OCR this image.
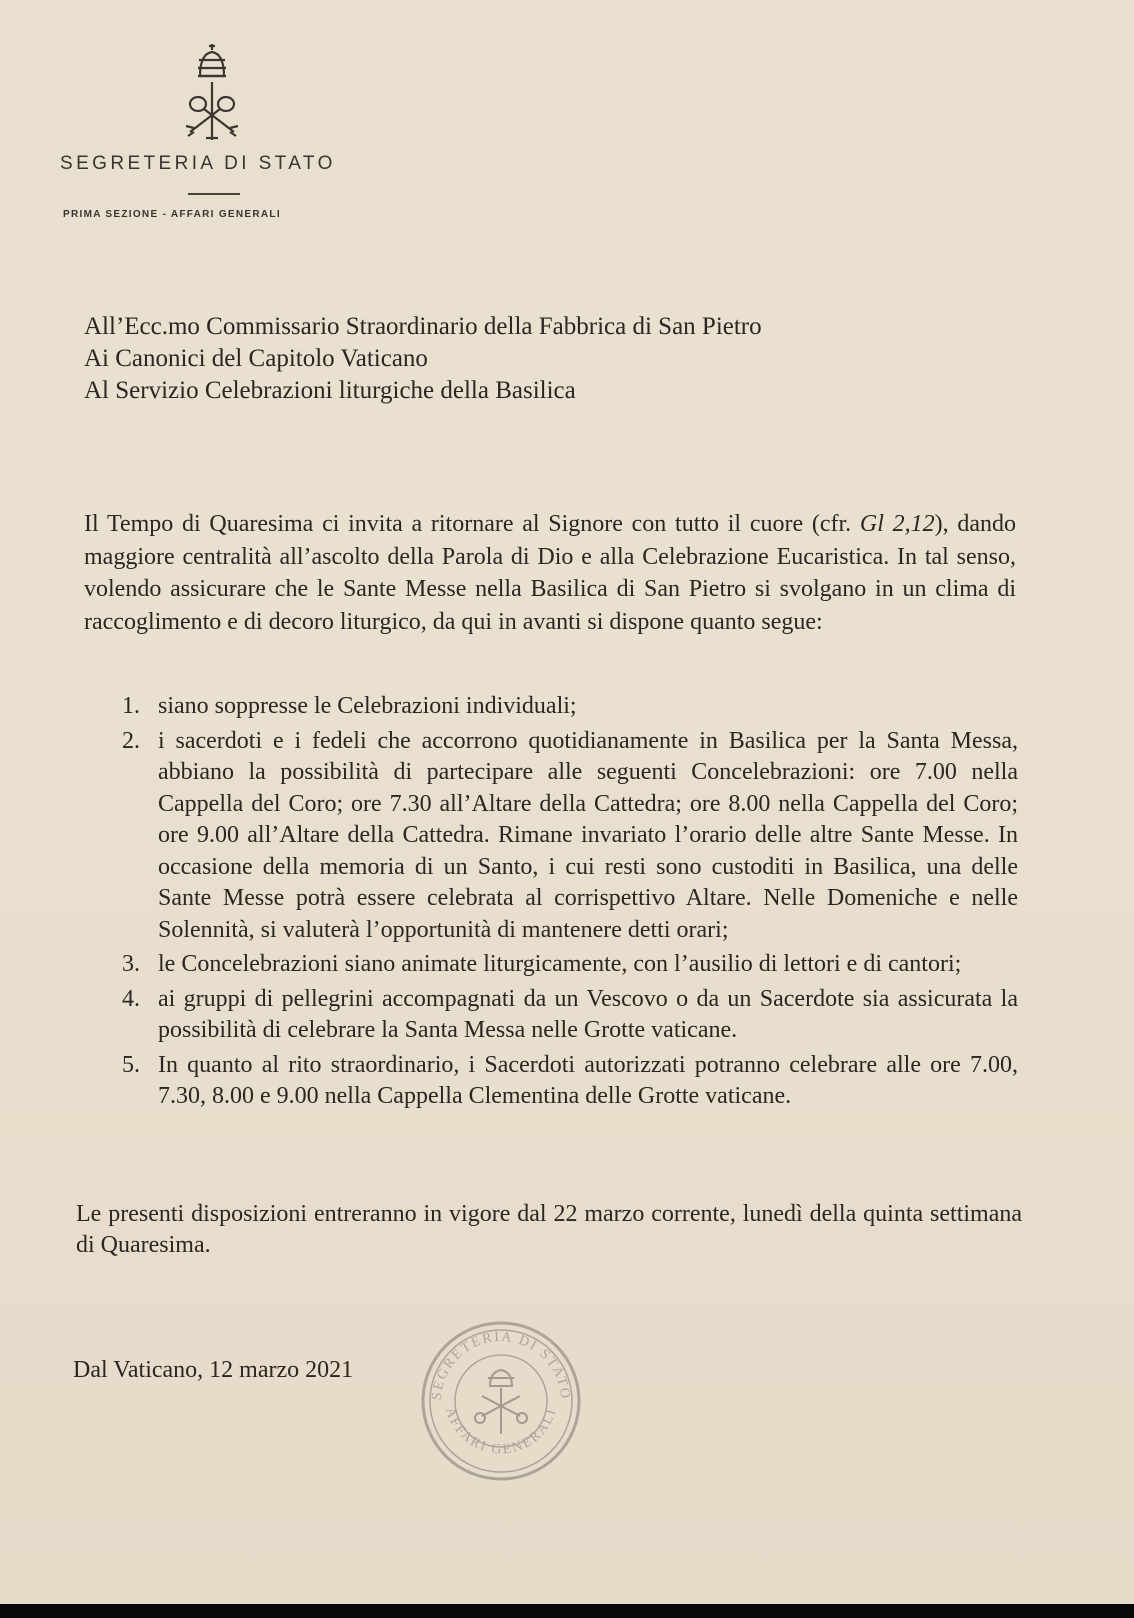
SEGRETERIA DI STATO
PRIMA SEZIONE - AFFARI GENERALI
All’Ecc.mo Commissario Straordinario della Fabbrica di San Pietro
Ai Canonici del Capitolo Vaticano
Al Servizio Celebrazioni liturgiche della Basilica
Il Tempo di Quaresima ci invita a ritornare al Signore con tutto il cuore (cfr. Gl 2,12), dando maggiore centralità all’ascolto della Parola di Dio e alla Celebrazione Eucaristica. In tal senso, volendo assicurare che le Sante Messe nella Basilica di San Pietro si svolgano in un clima di raccoglimento e di decoro liturgico, da qui in avanti si dispone quanto segue:
1. siano soppresse le Celebrazioni individuali;
2. i sacerdoti e i fedeli che accorrono quotidianamente in Basilica per la Santa Messa, abbiano la possibilità di partecipare alle seguenti Concelebrazioni: ore 7.00 nella Cappella del Coro; ore 7.30 all’Altare della Cattedra; ore 8.00 nella Cappella del Coro; ore 9.00 all’Altare della Cattedra. Rimane invariato l’orario delle altre Sante Messe. In occasione della memoria di un Santo, i cui resti sono custoditi in Basilica, una delle Sante Messe potrà essere celebrata al corrispettivo Altare. Nelle Domeniche e nelle Solennità, si valuterà l’opportunità di mantenere detti orari;
3. le Concelebrazioni siano animate liturgicamente, con l’ausilio di lettori e di cantori;
4. ai gruppi di pellegrini accompagnati da un Vescovo o da un Sacerdote sia assicurata la possibilità di celebrare la Santa Messa nelle Grotte vaticane.
5. In quanto al rito straordinario, i Sacerdoti autorizzati potranno celebrare alle ore 7.00, 7.30, 8.00 e 9.00 nella Cappella Clementina delle Grotte vaticane.
Le presenti disposizioni entreranno in vigore dal 22 marzo corrente, lunedì della quinta settimana di Quaresima.
Dal Vaticano, 12 marzo 2021
SEGRETERIA DI STATO
AFFARI GENERALI
